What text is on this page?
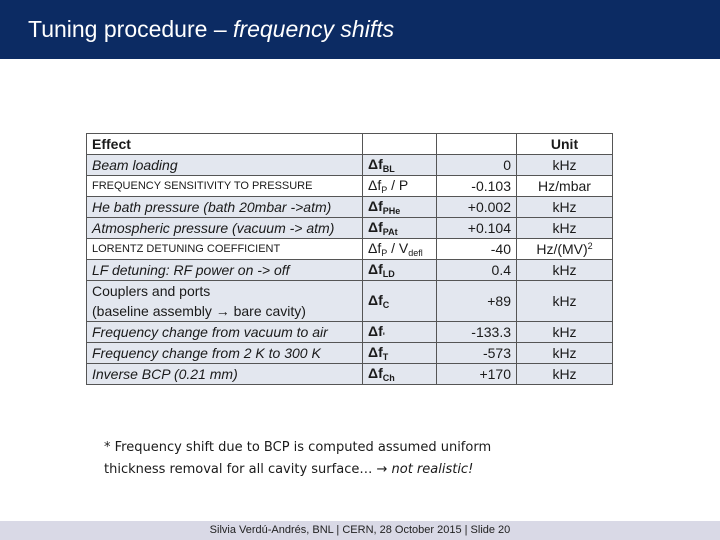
Tuning procedure – frequency shifts
Effect			Unit
Beam loading	$\Delta f_{BL}$	0	kHz
FREQUENCY SENSITIVITY TO PRESSURE	$\Delta f_P$ / P	-0.103	Hz/mbar
He bath pressure (bath 20mbar ->atm)	$\Delta f_{PHe}$	+0.002	kHz
Atmospheric pressure (vacuum -> atm)	$\Delta f_{PAt}$	+0.104	kHz
LORENTZ DETUNING COEFFICIENT	$\Delta f_P / V_{defl}$	-40	Hz/(MV)$^2$
LF detuning: RF power on -> off	$\Delta f_{LD}$	0.4	kHz

Couplers and ports
(baseline assembly → bare cavity)	$\Delta f_C$	+89	kHz
Frequency change from vacuum to air	$\Delta f'$	-133.3	kHz
Frequency change from 2 K to 300 K	$\Delta f_T$	-573	kHz
Inverse BCP (0.21 mm)	$\Delta f_{Ch}$	+170	kHz
* Frequency shift due to BCP is computed assumed uniform
thickness removal for all cavity surface… → not realistic!
Silvia Verdú-Andrés, BNL | CERN, 28 October 2015 | Slide 20
